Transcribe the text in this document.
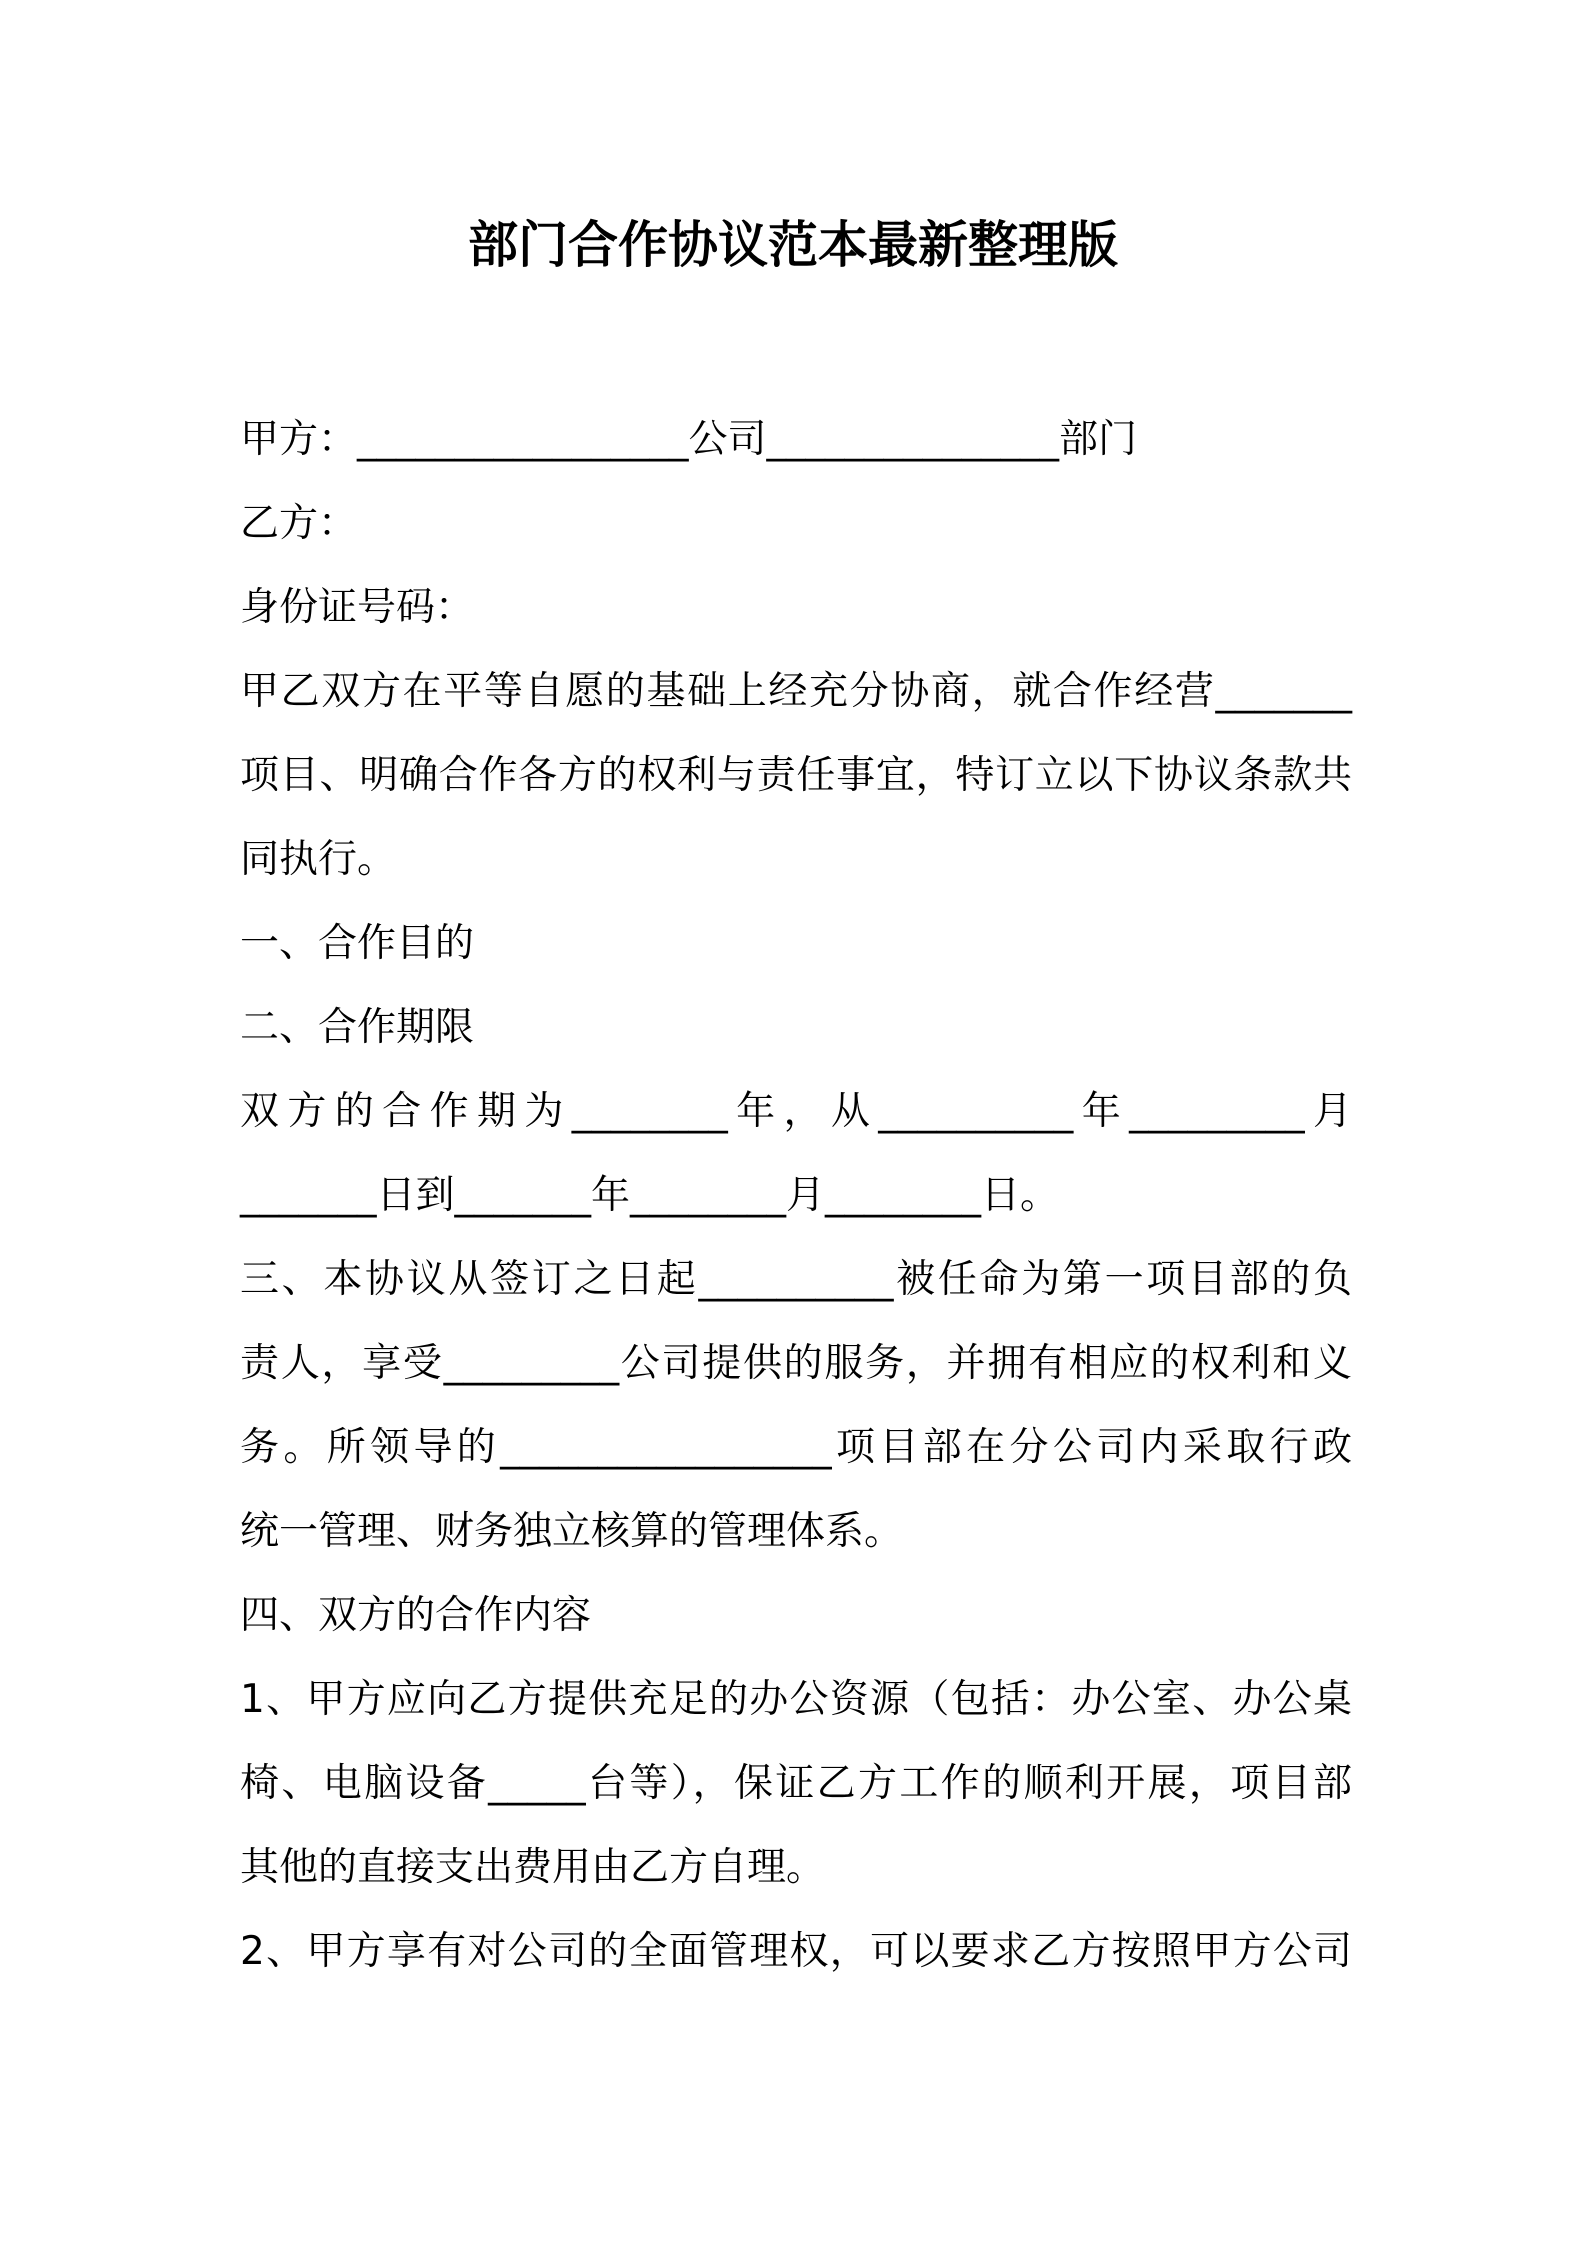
部门合作协议范本最新整理版
甲方：_________________公司_______________部门
乙方：
身份证号码：
甲乙双方在平等自愿的基础上经充分协商，就合作经营_______
项目、明确合作各方的权利与责任事宜，特订立以下协议条款共
同执行。
一、合作目的
二、合作期限
双方的合作期为________年，从__________年_________月
_______日到_______年________月________日。
三、本协议从签订之日起__________被任命为第一项目部的负
责人，享受_________公司提供的服务，并拥有相应的权利和义
务。所领导的_________________项目部在分公司内采取行政
统一管理、财务独立核算的管理体系。
四、双方的合作内容
1、甲方应向乙方提供充足的办公资源（包括：办公室、办公桌
椅、电脑设备_____台等），保证乙方工作的顺利开展，项目部
其他的直接支出费用由乙方自理。
2、甲方享有对公司的全面管理权，可以要求乙方按照甲方公司
